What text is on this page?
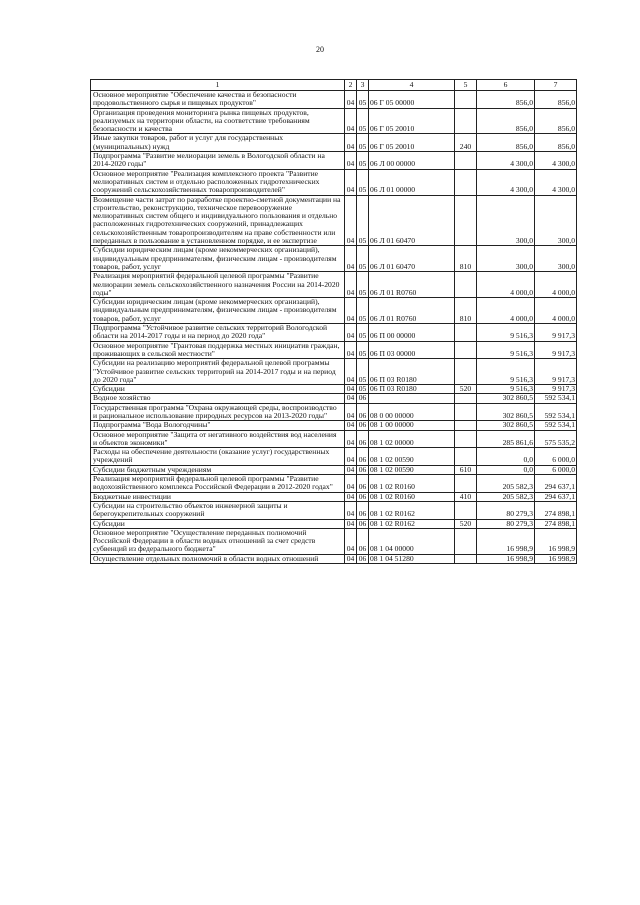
20
1	2	3	4	5	6	7
Основное мероприятие "Обеспечение качества и безопасности продовольственного сырья и пищевых продуктов"	04	05	06 Г 05 00000		856,0	856,0
Организация проведения мониторинга рынка пищевых продуктов, реализуемых на территории области, на соответствие требованиям безопасности и качества	04	05	06 Г 05 20010		856,0	856,0
Иные закупки товаров, работ и услуг для государственных (муниципальных) нужд	04	05	06 Г 05 20010	240	856,0	856,0
Подпрограмма "Развитие мелиорации земель в Вологодской области на 2014-2020 годы"	04	05	06 Л 00 00000		4 300,0	4 300,0
Основное мероприятие "Реализация комплексного проекта "Развитие мелиоративных систем и отдельно расположенных гидротехнических сооружений сельскохозяйственных товаропроизводителей"	04	05	06 Л 01 00000		4 300,0	4 300,0
Возмещение части затрат по разработке проектно-сметной документации на строительство, реконструкцию, техническое перевооружение мелиоративных систем общего и индивидуального пользования и отдельно расположенных гидротехнических сооружений, принадлежащих сельскохозяйственным товаропроизводителям на праве собственности или переданных в пользование в установленном порядке, и ее экспертизе	04	05	06 Л 01 60470		300,0	300,0
Субсидии юридическим лицам (кроме некоммерческих организаций), индивидуальным предпринимателям, физическим лицам - производителям товаров, работ, услуг	04	05	06 Л 01 60470	810	300,0	300,0
Реализация мероприятий федеральной целевой программы "Развитие мелиорации земель сельскохозяйственного назначения России на 2014-2020 годы"	04	05	06 Л 01 R0760		4 000,0	4 000,0
Субсидии юридическим лицам (кроме некоммерческих организаций), индивидуальным предпринимателям, физическим лицам - производителям товаров, работ, услуг	04	05	06 Л 01 R0760	810	4 000,0	4 000,0
Подпрограмма "Устойчивое развитие сельских территорий Вологодской области на 2014-2017 годы и на период до 2020 года"	04	05	06 П 00 00000		9 516,3	9 917,3
Основное мероприятие "Грантовая поддержка местных инициатив граждан, проживающих в сельской местности"	04	05	06 П 03 00000		9 516,3	9 917,3
Субсидии на реализацию мероприятий федеральной целевой программы "Устойчивое развитие сельских территорий на 2014-2017 годы и на период до 2020 года"	04	05	06 П 03 R0180		9 516,3	9 917,3
Субсидии	04	05	06 П 03 R0180	520	9 516,3	9 917,3
Водное хозяйство	04	06			302 860,5	592 534,1
Государственная программа "Охрана окружающей среды, воспроизводство и рациональное использование природных ресурсов на 2013-2020 годы"	04	06	08 0 00 00000		302 860,5	592 534,1
Подпрограмма "Вода Вологодчины"	04	06	08 1 00 00000		302 860,5	592 534,1
Основное мероприятие "Защита от негативного воздействия вод населения и объектов экономики"	04	06	08 1 02 00000		285 861,6	575 535,2
Расходы на обеспечение деятельности (оказание услуг) государственных учреждений	04	06	08 1 02 00590		0,0	6 000,0
Субсидии бюджетным учреждениям	04	06	08 1 02 00590	610	0,0	6 000,0
Реализация мероприятий федеральной целевой программы "Развитие водохозяйственного комплекса Российской Федерации в 2012-2020 годах"	04	06	08 1 02 R0160		205 582,3	294 637,1
Бюджетные инвестиции	04	06	08 1 02 R0160	410	205 582,3	294 637,1
Субсидии на строительство объектов инженерной защиты и берегоукрепительных сооружений	04	06	08 1 02 R0162		80 279,3	274 898,1
Субсидии	04	06	08 1 02 R0162	520	80 279,3	274 898,1
Основное мероприятие "Осуществление переданных полномочий Российской Федерации в области водных отношений за счет средств субвенций из федерального бюджета"	04	06	08 1 04 00000		16 998,9	16 998,9
Осуществление отдельных полномочий в области водных отношений	04	06	08 1 04 51280		16 998,9	16 998,9
